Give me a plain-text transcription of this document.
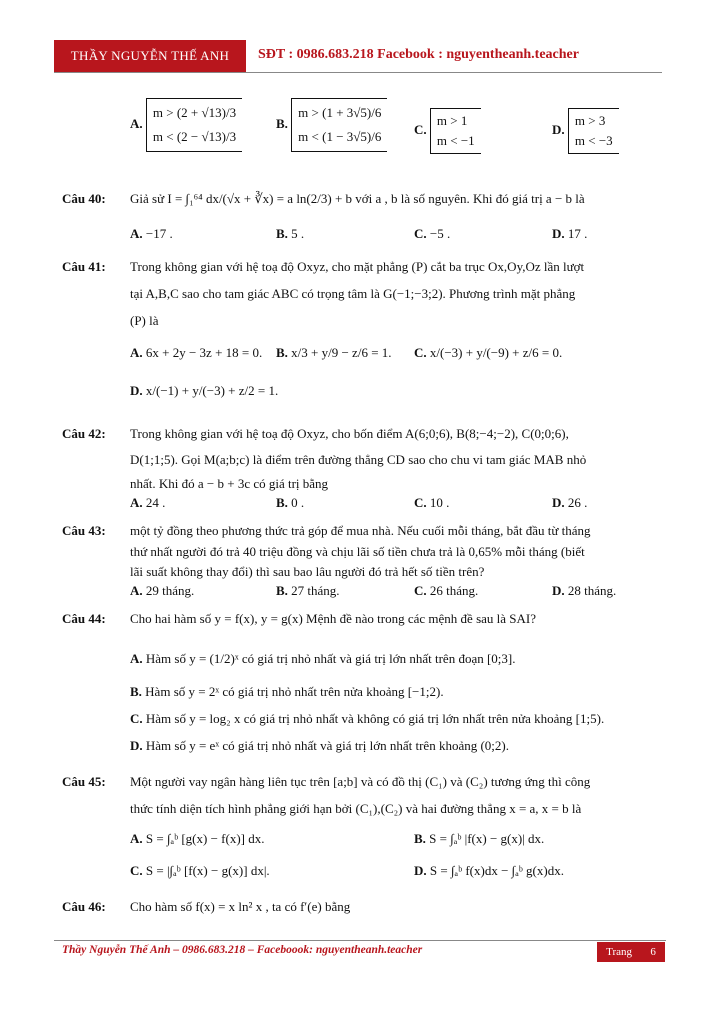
THẦY NGUYỄN THẾ ANH	SĐT : 0986.683.218 Facebook : nguyentheanh.teacher
A.
m > (2 + √13)/3
m < (2 − √13)/3
B.
m > (1 + 3√5)/6
m < (1 − 3√5)/6	C.
m > 1
m < −1
D.
m > 3
m < −3
Câu 40: Giả sử I = ∫₁⁶⁴ dx/(√x + ∛x) = a ln(2/3) + b với a , b là số nguyên. Khi đó giá trị a − b là
A. −17 .	B. 5 .	C. −5 .	D. 17 .
Câu 41: Trong không gian với hệ toạ độ Oxyz, cho mặt phẳng (P) cắt ba trục Ox,Oy,Oz lần lượt
tại A,B,C sao cho tam giác ABC có trọng tâm là G(−1;−3;2). Phương trình mặt phẳng
(P) là
A. 6x + 2y − 3z + 18 = 0. B. x/3 + y/9 − z/6 = 1. C. x/(−3) + y/(−9) + z/6 = 0.
D. x/(−1) + y/(−3) + z/2 = 1.
Câu 42: Trong không gian với hệ toạ độ Oxyz, cho bốn điểm A(6;0;6), B(8;−4;−2), C(0;0;6),
D(1;1;5). Gọi M(a;b;c) là điểm trên đường thẳng CD sao cho chu vi tam giác MAB nhỏ
nhất. Khi đó a − b + 3c có giá trị bằng
A. 24 .	B. 0 .	C. 10 .	D. 26 .
Câu 43: một tỷ đồng theo phương thức trả góp để mua nhà. Nếu cuối mỗi tháng, bắt đầu từ tháng
thứ nhất người đó trả 40 triệu đồng và chịu lãi số tiền chưa trả là 0,65% mỗi tháng (biết
lãi suất không thay đổi) thì sau bao lâu người đó trả hết số tiền trên?
A. 29 tháng.	B. 27 tháng.	C. 26 tháng.	D. 28 tháng.
Câu 44: Cho hai hàm số y = f(x), y = g(x) Mệnh đề nào trong các mệnh đề sau là SAI?
A. Hàm số y = (1/2)ˣ có giá trị nhỏ nhất và giá trị lớn nhất trên đoạn [0;3].
B. Hàm số y = 2ˣ có giá trị nhỏ nhất trên nửa khoảng [−1;2).
C. Hàm số y = log₂ x có giá trị nhỏ nhất và không có giá trị lớn nhất trên nửa khoảng [1;5).
D. Hàm số y = eˣ có giá trị nhỏ nhất và giá trị lớn nhất trên khoảng (0;2).
Câu 45: Một người vay ngân hàng liên tục trên [a;b] và có đồ thị (C₁) và (C₂) tương ứng thì công
thức tính diện tích hình phẳng giới hạn bởi (C₁),(C₂) và hai đường thẳng x = a, x = b là
A. S = ∫ₐᵇ [g(x) − f(x)] dx.	B. S = ∫ₐᵇ |f(x) − g(x)| dx.
C. S = |∫ₐᵇ [f(x) − g(x)] dx|.	D. S = ∫ₐᵇ f(x)dx − ∫ₐᵇ g(x)dx.
Câu 46: Cho hàm số f(x) = x ln² x , ta có f′(e) bằng
Thầy Nguyễn Thế Anh – 0986.683.218 – Faceboook: nguyentheanh.teacher	Trang 6
